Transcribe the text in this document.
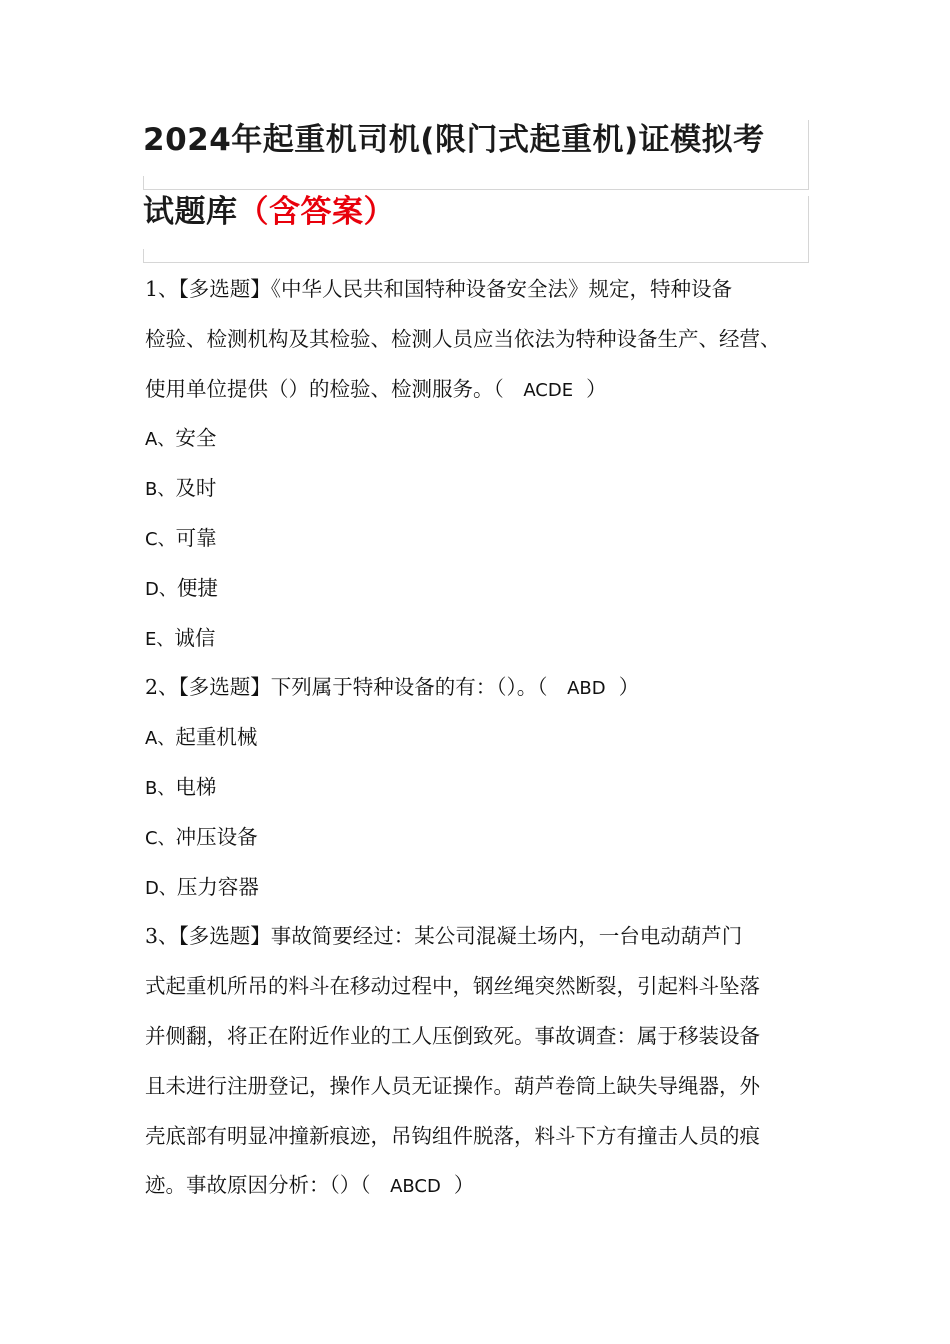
2024年起重机司机(限门式起重机)证模拟考
试题库（含答案）
1、【多选题】《中华人民共和国特种设备安全法》规定，特种设备
检验、检测机构及其检验、检测人员应当依法为特种设备生产、经营、
使用单位提供（）的检验、检测服务。（ ACDE ）
A、安全
B、及时
C、可靠
D、便捷
E、诚信
2、【多选题】下列属于特种设备的有：（）。（ ABD ）
A、起重机械
B、电梯
C、冲压设备
D、压力容器
3、【多选题】事故简要经过：某公司混凝土场内，一台电动葫芦门
式起重机所吊的料斗在移动过程中，钢丝绳突然断裂，引起料斗坠落
并侧翻，将正在附近作业的工人压倒致死。事故调查：属于移装设备
且未进行注册登记，操作人员无证操作。葫芦卷筒上缺失导绳器，外
壳底部有明显冲撞新痕迹，吊钩组件脱落，料斗下方有撞击人员的痕
迹。事故原因分析：（）（ ABCD ）
